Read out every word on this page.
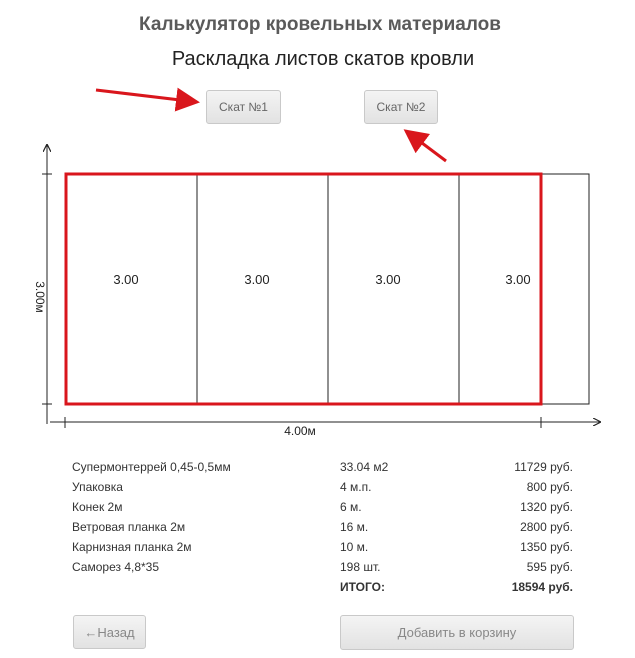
Калькулятор кровельных материалов
Раскладка листов скатов кровли
Скат №1	Скат №2
3.00	3.00	3.00	3.00
3.00м
4.00м
Супермонтеррей 0,45-0,5мм	33.04 м2	11729 руб.
Упаковка	4 м.п.	800 руб.
Конек 2м	6 м.	1320 руб.
Ветровая планка 2м	16 м.	2800 руб.
Карнизная планка 2м	10 м.	1350 руб.
Саморез 4,8*35	198 шт.	595 руб.
	ИТОГО:	18594 руб.
←Назад	Добавить в корзину
